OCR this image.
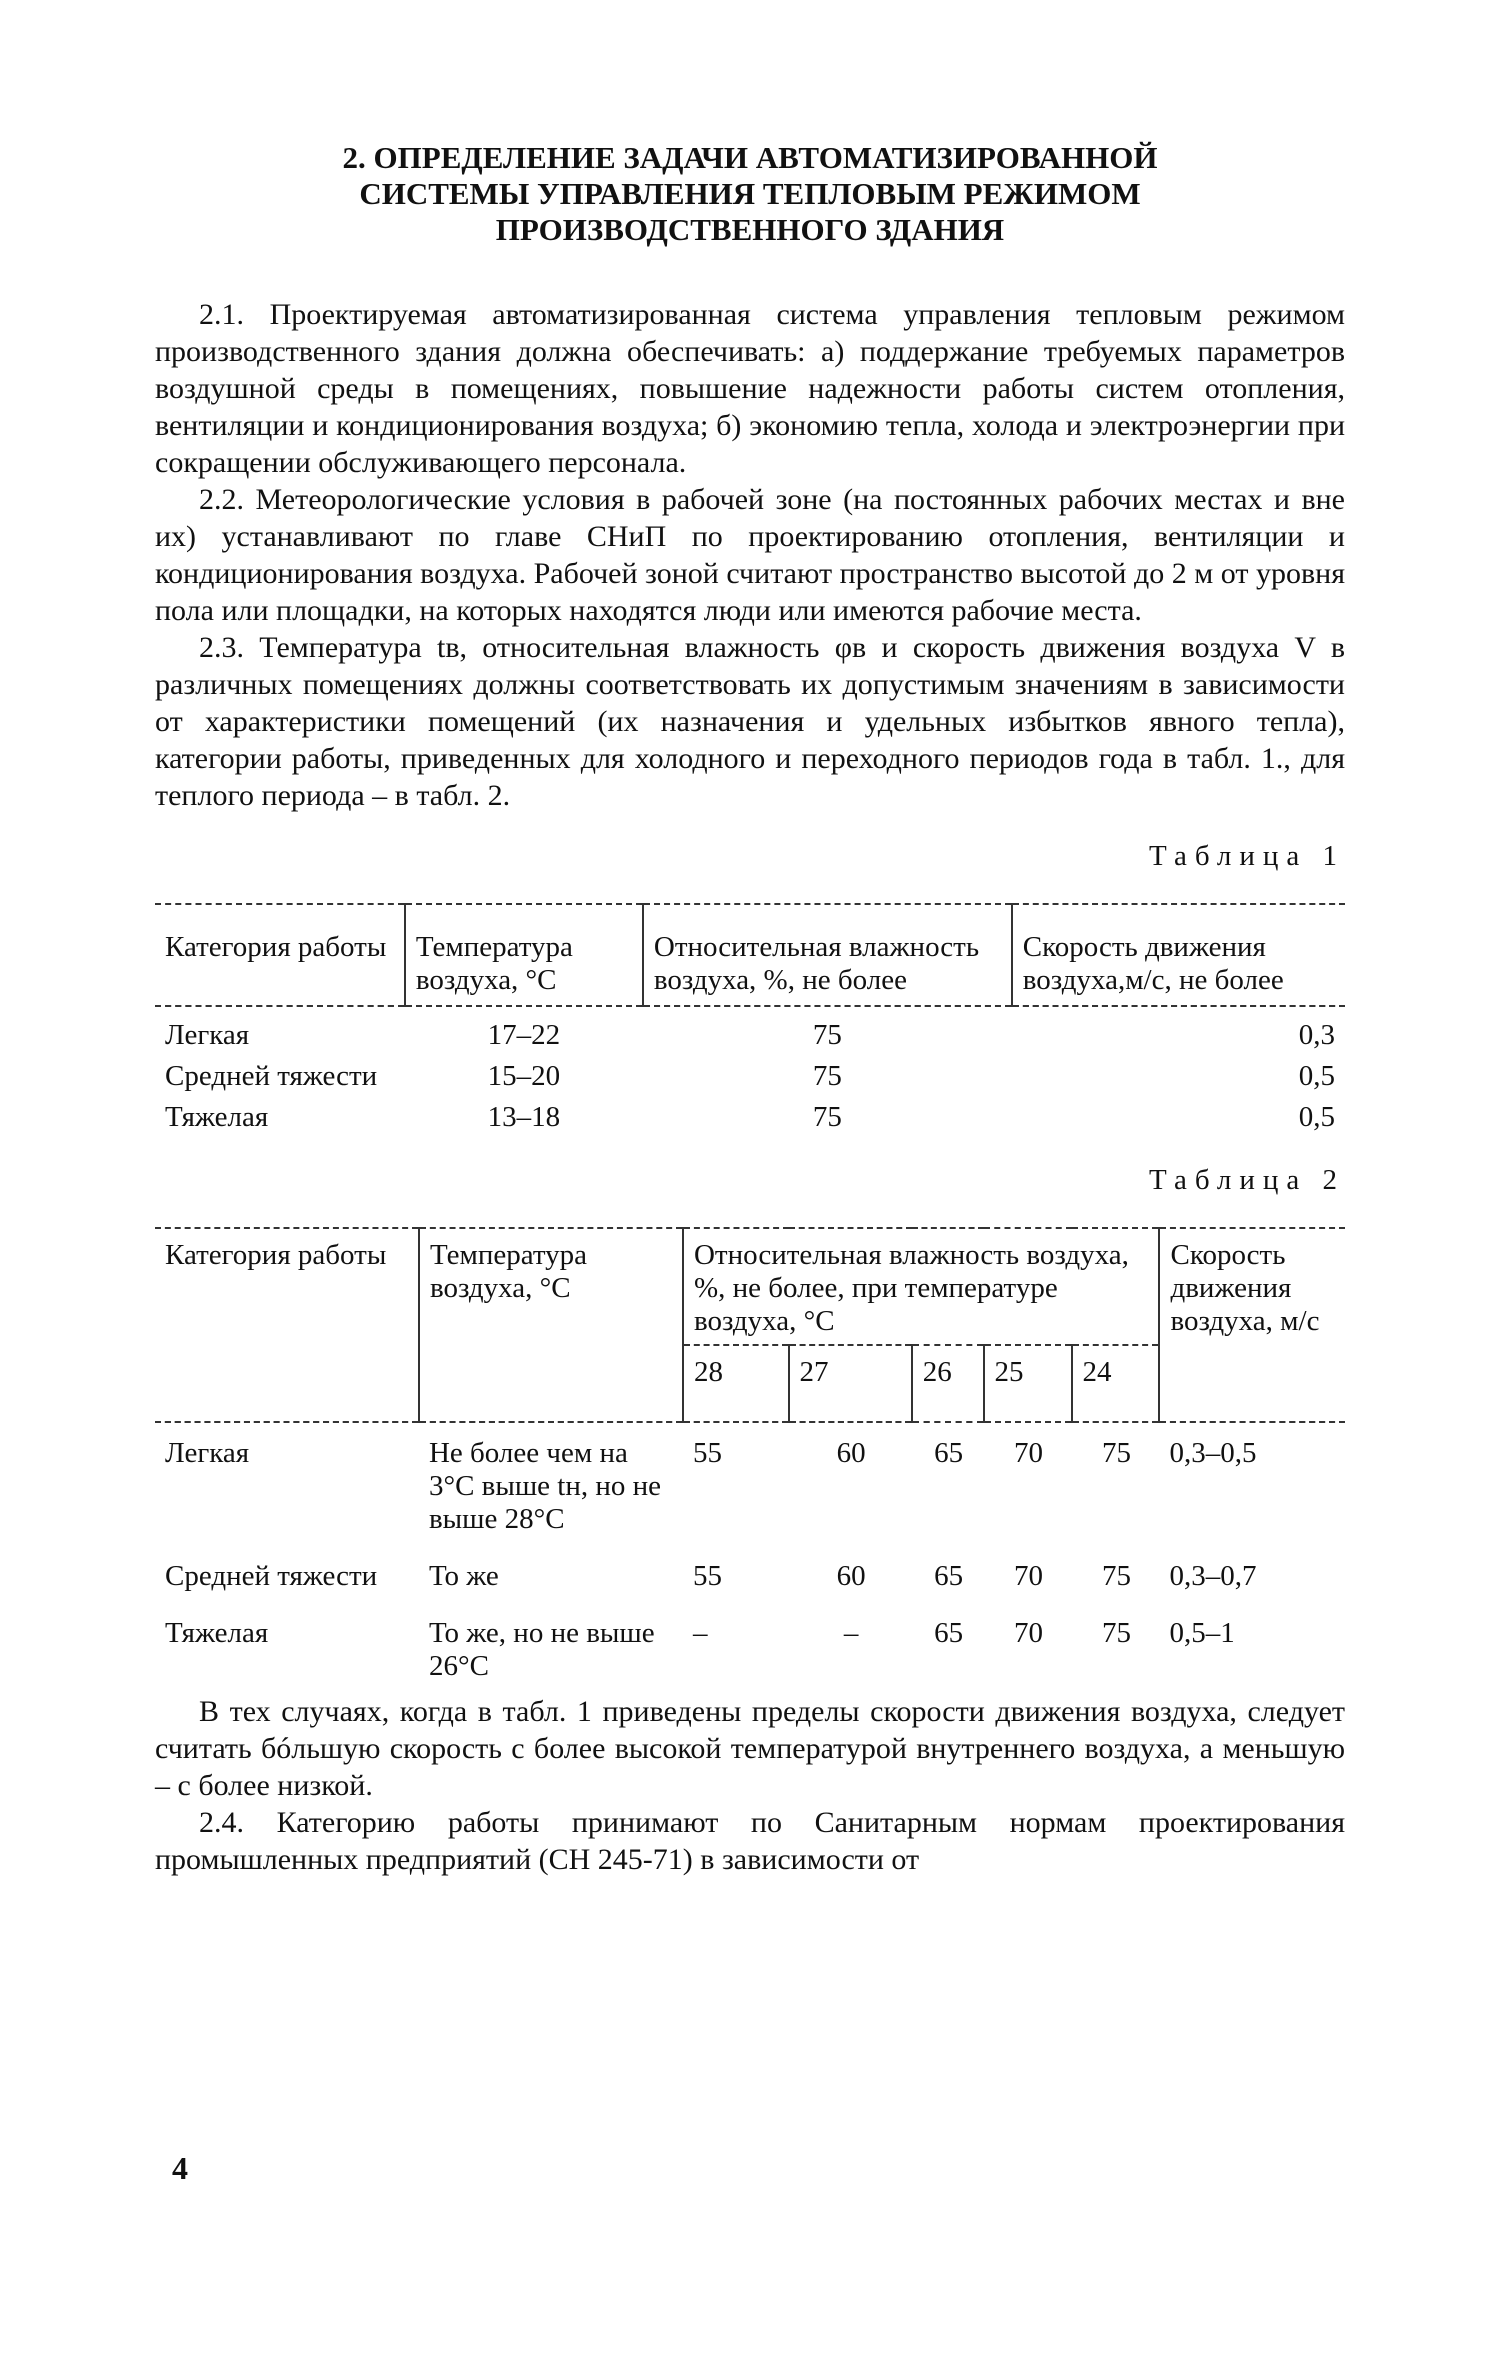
2. ОПРЕДЕЛЕНИЕ ЗАДАЧИ АВТОМАТИЗИРОВАННОЙ
СИСТЕМЫ УПРАВЛЕНИЯ ТЕПЛОВЫМ РЕЖИМОМ
ПРОИЗВОДСТВЕННОГО ЗДАНИЯ

2.1. Проектируемая автоматизированная система управления тепловым режимом производственного здания должна обеспечивать: а) поддержание требуемых параметров воздушной среды в помещениях, повышение надежности работы систем отопления, вентиляции и кондиционирования воздуха; б) экономию тепла, холода и электроэнергии при сокращении обслуживающего персонала.

2.2. Метеорологические условия в рабочей зоне (на постоянных рабочих местах и вне их) устанавливают по главе СНиП по проектированию отопления, вентиляции и кондиционирования воздуха. Рабочей зоной считают пространство высотой до 2 м от уровня пола или площадки, на которых находятся люди или имеются рабочие места.

2.3. Температура tв, относительная влажность φв и скорость движения воздуха V в различных помещениях должны соответствовать их допустимым значениям в зависимости от характеристики помещений (их назначения и удельных избытков явного тепла), категории работы, приведенных для холодного и переходного периодов года в табл. 1., для теплого периода – в табл. 2.

Таблица 1
Категория работы	Температура воздуха, °С	Относительная влажность воздуха, %, не более	Скорость движения воздуха,м/с, не более
Легкая	17–22	75	0,3
Средней тяжести	15–20	75	0,5
Тяжелая	13–18	75	0,5
Таблица 2
Категория работы	Температура воздуха, °С	Относительная влажность воздуха, %, не более, при температуре воздуха, °С					Скорость движения воздуха, м/с
		28	27	26	25	24	
Легкая	Не более чем на 3°С выше tн, но не выше 28°С	55	60	65	70	75	0,3–0,5
Средней тяжести	То же	55	60	65	70	75	0,3–0,7
Тяжелая	То же, но не выше 26°С	–	–	65	70	75	0,5–1

В тех случаях, когда в табл. 1 приведены пределы скорости движения воздуха, следует считать бóльшую скорость с более высокой температурой внутреннего воздуха, а меньшую – с более низкой.

2.4. Категорию работы принимают по Санитарным нормам проектирования промышленных предприятий (СН 245-71) в зависимости от

4
